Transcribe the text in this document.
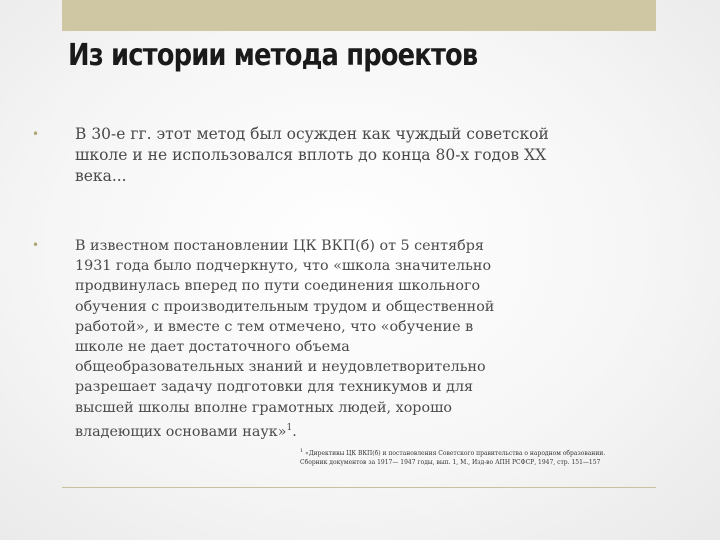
Из истории метода проектов
• В 30-е гг. этот метод был осужден как чуждый советской школе и не использовался вплоть до конца 80-х годов XX века...
•	В известном постановлении ЦК ВКП(б) от 5 сентября 1931 года было подчеркнуто, что «школа значительно продвинулась вперед по пути соединения школьного обучения с производительным трудом и общественной работой», и вместе с тем отмечено, что «обучение в школе не дает достаточного объема общеобразовательных знаний и неудовлетворительно разрешает задачу подготовки для техникумов и для высшей школы вполне грамотных людей, хорошо владеющих основами наук»$^1$.
$^1$ «Директивы ЦК ВКП(б) и постановления Советского правительства о народном образовании.
Сборник документов за 1917— 1947 годы, вып. 1, М., Изд-во АПН РСФСР, 1947, стр. 151—157
